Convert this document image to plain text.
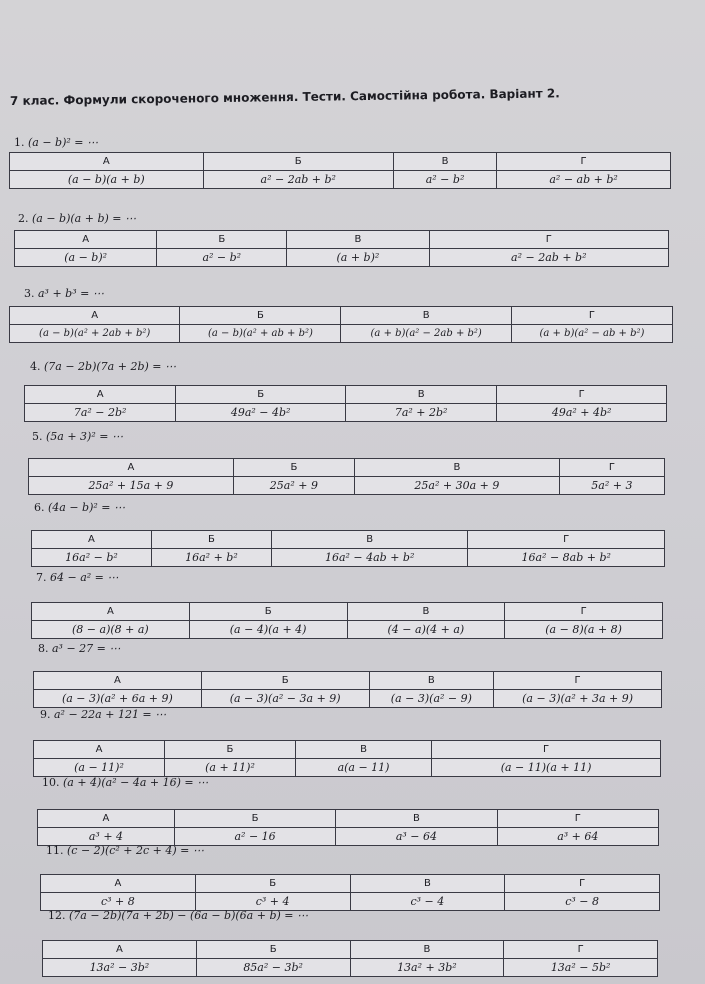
7 клас. Формули скороченого множення. Тести. Самостійна робота. Варіант 2.
1. (a − b)² = ⋯
А	Б	В	Г
(a − b)(a + b)	a² − 2ab + b²	a² − b²	a² − ab + b²
2. (a − b)(a + b) = ⋯
А	Б	В	Г
(a − b)²	a² − b²	(a + b)²	a² − 2ab + b²
3. a³ + b³ = ⋯
А	Б	В	Г
(a − b)(a² + 2ab + b²)	(a − b)(a² + ab + b²)	(a + b)(a² − 2ab + b²)	(a + b)(a² − ab + b²)
4. (7a − 2b)(7a + 2b) = ⋯
А	Б	В	Г
7a² − 2b²	49a² − 4b²	7a² + 2b²	49a² + 4b²
5. (5a + 3)² = ⋯
А	Б	В	Г
25a² + 15a + 9	25a² + 9	25a² + 30a + 9	5a² + 3
6. (4a − b)² = ⋯
А	Б	В	Г
16a² − b²	16a² + b²	16a² − 4ab + b²	16a² − 8ab + b²
7. 64 − a² = ⋯
А	Б	В	Г
(8 − a)(8 + a)	(a − 4)(a + 4)	(4 − a)(4 + a)	(a − 8)(a + 8)
8. a³ − 27 = ⋯
А	Б	В	Г
(a − 3)(a² + 6a + 9)	(a − 3)(a² − 3a + 9)	(a − 3)(a² − 9)	(a − 3)(a² + 3a + 9)
9. a² − 22a + 121 = ⋯
А	Б	В	Г
(a − 11)²	(a + 11)²	a(a − 11)	(a − 11)(a + 11)
10. (a + 4)(a² − 4a + 16) = ⋯
А	Б	В	Г
a³ + 4	a² − 16	a³ − 64	a³ + 64
11. (c − 2)(c² + 2c + 4) = ⋯
А	Б	В	Г
c³ + 8	c³ + 4	c³ − 4	c³ − 8
12. (7a − 2b)(7a + 2b) − (6a − b)(6a + b) = ⋯
А	Б	В	Г
13a² − 3b²	85a² − 3b²	13a² + 3b²	13a² − 5b²
